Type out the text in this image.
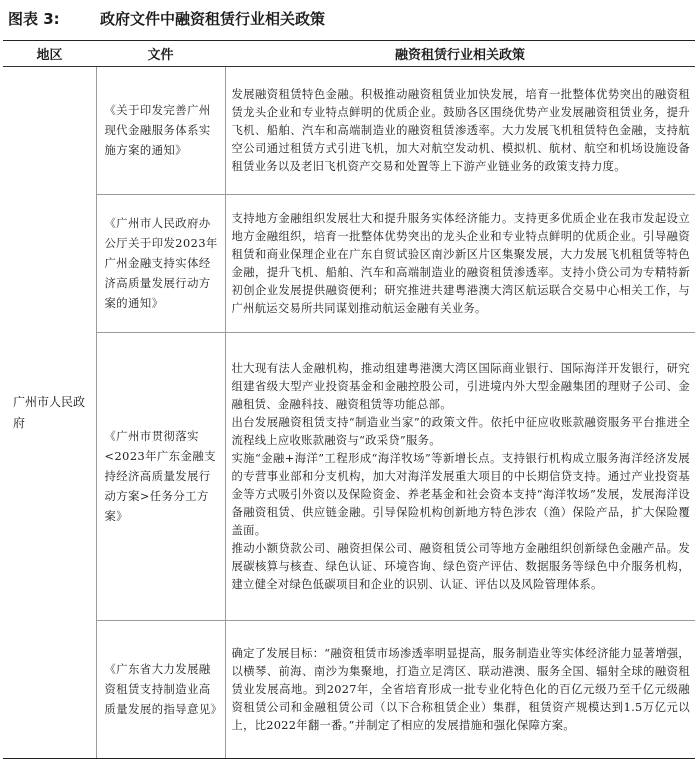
图表 3:	政府文件中融资租赁行业相关政策
地区	文件	融资租赁行业相关政策
广州市人民政府	《关于印发完善广州现代金融服务体系实施方案的通知》	发展融资租赁特色金融。积极推动融资租赁业加快发展，培育一批整体优势突出的融资租赁龙头企业和专业特点鲜明的优质企业。鼓励各区围绕优势产业发展融资租赁业务，提升飞机、船舶、汽车和高端制造业的融资租赁渗透率。大力发展飞机租赁特色金融，支持航空公司通过租赁方式引进飞机，加大对航空发动机、模拟机、航材、航空和机场设施设备租赁业务以及老旧飞机资产交易和处置等上下游产业链业务的政策支持力度。

	《广州市人民政府办公厅关于印发2023年广州金融支持实体经济高质量发展行动方案的通知》	支持地方金融组织发展壮大和提升服务实体经济能力。支持更多优质企业在我市发起设立地方金融组织，培育一批整体优势突出的龙头企业和专业特点鲜明的优质企业。引导融资租赁和商业保理企业在广东自贸试验区南沙新区片区集聚发展，大力发展飞机租赁等特色金融，提升飞机、船舶、汽车和高端制造业的融资租赁渗透率。支持小贷公司为专精特新初创企业发展提供融资便利；研究推进共建粤港澳大湾区航运联合交易中心相关工作，与广州航运交易所共同谋划推动航运金融有关业务。

	《广州市贯彻落实<2023年广东金融支持经济高质量发展行动方案>任务分工方案》	壮大现有法人金融机构，推动组建粤港澳大湾区国际商业银行、国际海洋开发银行，研究组建省级大型产业投资基金和金融控股公司，引进境内外大型金融集团的理财子公司、金融租赁、金融科技、融资租赁等功能总部。

出台发展融资租赁支持“制造业当家”的政策文件。依托中征应收账款融资服务平台推进全流程线上应收账款融资与“政采贷”服务。

实施“金融+海洋”工程形成“海洋牧场”等新增长点。支持银行机构成立服务海洋经济发展的专营事业部和分支机构，加大对海洋发展重大项目的中长期信贷支持。通过产业投资基金等方式吸引外资以及保险资金、养老基金和社会资本支持“海洋牧场”发展，发展海洋设备融资租赁、供应链金融。引导保险机构创新地方特色涉农（渔）保险产品，扩大保险覆盖面。

推动小额贷款公司、融资担保公司、融资租赁公司等地方金融组织创新绿色金融产品。发展碳核算与核查、绿色认证、环境咨询、绿色资产评估、数据服务等绿色中介服务机构，建立健全对绿色低碳项目和企业的识别、认证、评估以及风险管理体系。

	《广东省大力发展融资租赁支持制造业高质量发展的指导意见》	确定了发展目标：“融资租赁市场渗透率明显提高，服务制造业等实体经济能力显著增强，以横琴、前海、南沙为集聚地，打造立足湾区、联动港澳、服务全国、辐射全球的融资租赁业发展高地。到2027年，全省培育形成一批专业化特色化的百亿元级乃至千亿元级融资租赁公司和金融租赁公司（以下合称租赁企业）集群，租赁资产规模达到1.5万亿元以上，比2022年翻一番。”并制定了相应的发展措施和强化保障方案。
